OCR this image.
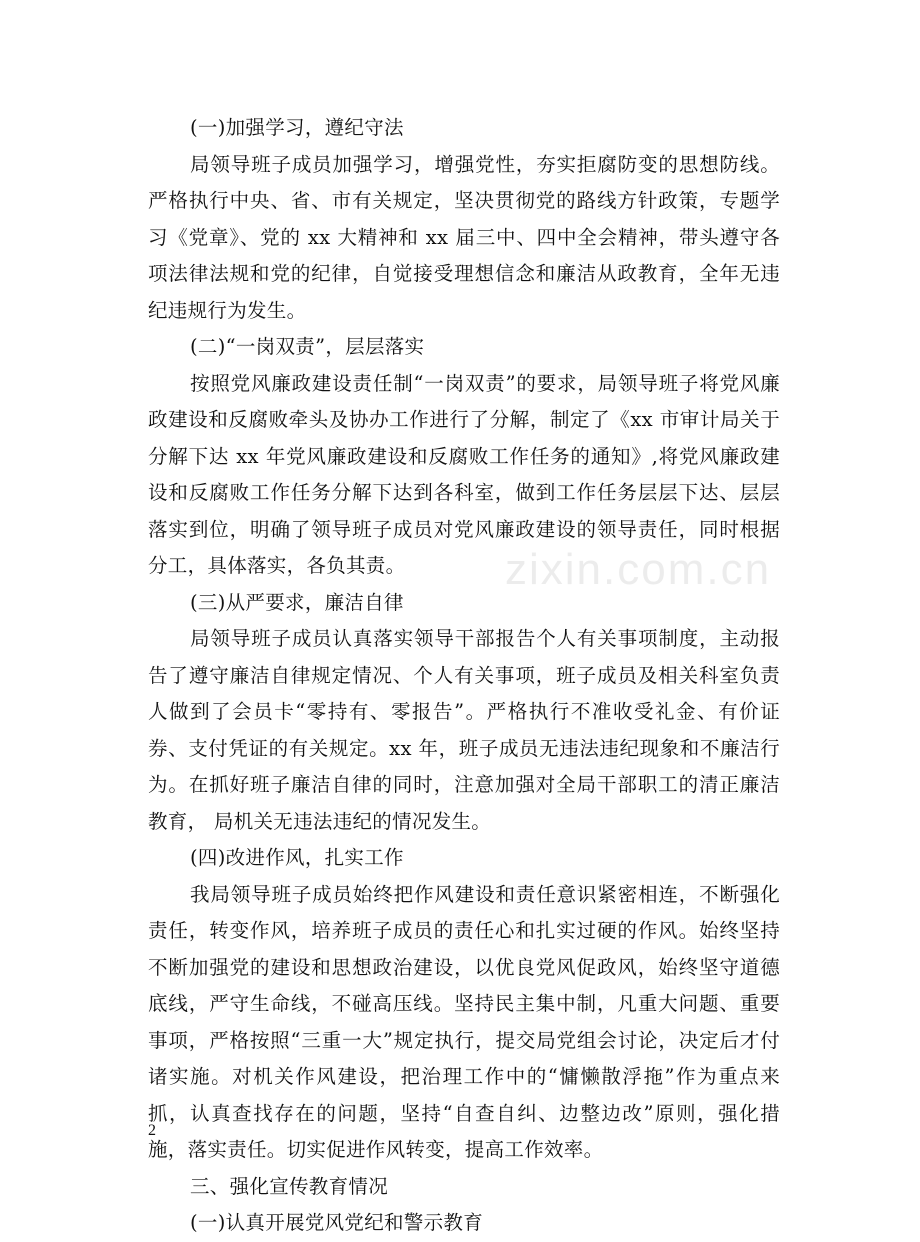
zixin.com.cn

(一)加强学习，遵纪守法

局领导班子成员加强学习，增强党性，夯实拒腐防变的思想防线。严格执行中央、省、市有关规定，坚决贯彻党的路线方针政策，专题学习《党章》、党的 xx 大精神和 xx 届三中、四中全会精神，带头遵守各项法律法规和党的纪律，自觉接受理想信念和廉洁从政教育，全年无违纪违规行为发生。

(二)“一岗双责”，层层落实

按照党风廉政建设责任制“一岗双责”的要求，局领导班子将党风廉政建设和反腐败牵头及协办工作进行了分解，制定了《xx 市审计局关于分解下达 xx 年党风廉政建设和反腐败工作任务的通知》,将党风廉政建设和反腐败工作任务分解下达到各科室，做到工作任务层层下达、层层落实到位，明确了领导班子成员对党风廉政建设的领导责任，同时根据分工，具体落实，各负其责。

(三)从严要求，廉洁自律

局领导班子成员认真落实领导干部报告个人有关事项制度，主动报告了遵守廉洁自律规定情况、个人有关事项，班子成员及相关科室负责人做到了会员卡“零持有、零报告”。严格执行不准收受礼金、有价证券、支付凭证的有关规定。xx 年，班子成员无违法违纪现象和不廉洁行为。在抓好班子廉洁自律的同时，注意加强对全局干部职工的清正廉洁教育， 局机关无违法违纪的情况发生。

(四)改进作风，扎实工作

我局领导班子成员始终把作风建设和责任意识紧密相连，不断强化责任，转变作风，培养班子成员的责任心和扎实过硬的作风。始终坚持不断加强党的建设和思想政治建设，以优良党风促政风，始终坚守道德底线，严守生命线，不碰高压线。坚持民主集中制，凡重大问题、重要事项，严格按照“三重一大”规定执行，提交局党组会讨论，决定后才付诸实施。对机关作风建设，把治理工作中的“慵懒散浮拖”作为重点来抓，认真查找存在的问题，坚持“自查自纠、边整边改”原则，强化措施，落实责任。切实促进作风转变，提高工作效率。

三、强化宣传教育情况

(一)认真开展党风党纪和警示教育

2
